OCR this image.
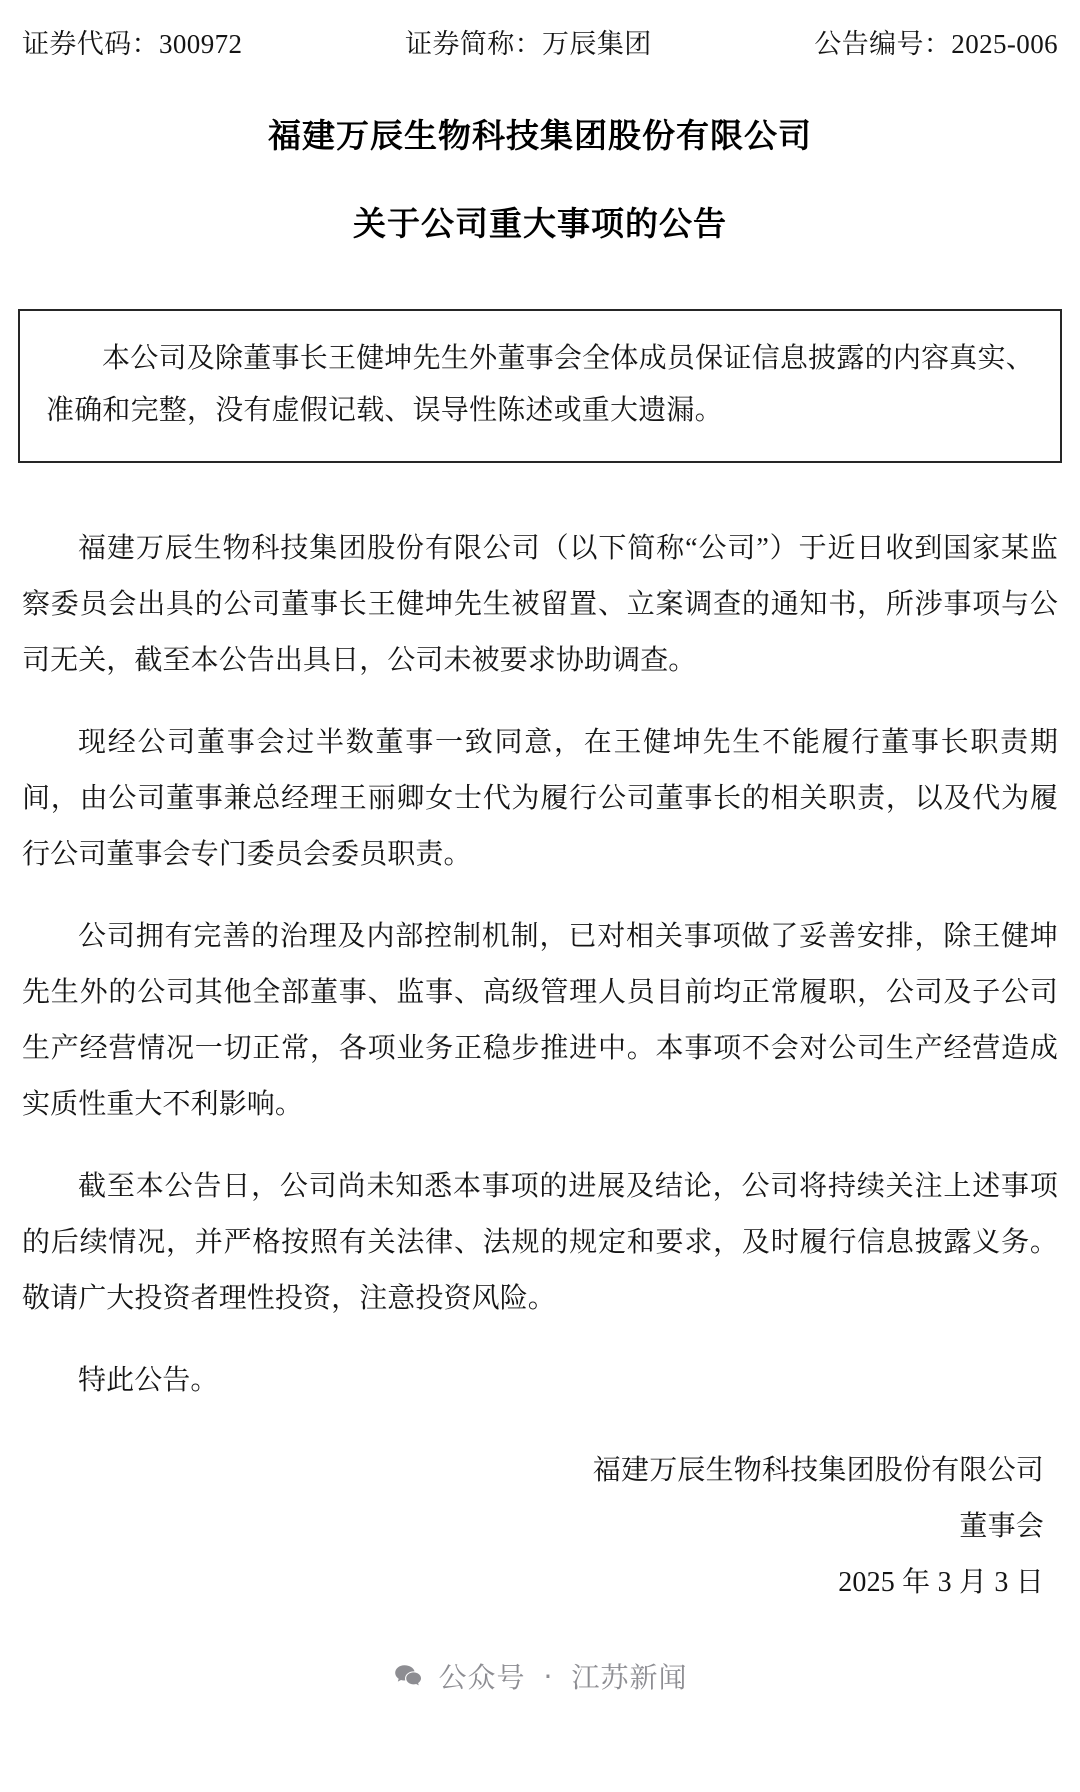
证券代码：300972	证券简称：万辰集团	公告编号：2025-006
福建万辰生物科技集团股份有限公司
关于公司重大事项的公告
本公司及除董事长王健坤先生外董事会全体成员保证信息披露的内容真实、准确和完整，没有虚假记载、误导性陈述或重大遗漏。

福建万辰生物科技集团股份有限公司（以下简称“公司”）于近日收到国家某监察委员会出具的公司董事长王健坤先生被留置、立案调查的通知书，所涉事项与公司无关，截至本公告出具日，公司未被要求协助调查。

现经公司董事会过半数董事一致同意，在王健坤先生不能履行董事长职责期间，由公司董事兼总经理王丽卿女士代为履行公司董事长的相关职责，以及代为履行公司董事会专门委员会委员职责。

公司拥有完善的治理及内部控制机制，已对相关事项做了妥善安排，除王健坤先生外的公司其他全部董事、监事、高级管理人员目前均正常履职，公司及子公司生产经营情况一切正常，各项业务正稳步推进中。本事项不会对公司生产经营造成实质性重大不利影响。

截至本公告日，公司尚未知悉本事项的进展及结论，公司将持续关注上述事项的后续情况，并严格按照有关法律、法规的规定和要求，及时履行信息披露义务。敬请广大投资者理性投资，注意投资风险。

特此公告。

福建万辰生物科技集团股份有限公司
董事会
2025 年 3 月 3 日
公众号 · 江苏新闻
